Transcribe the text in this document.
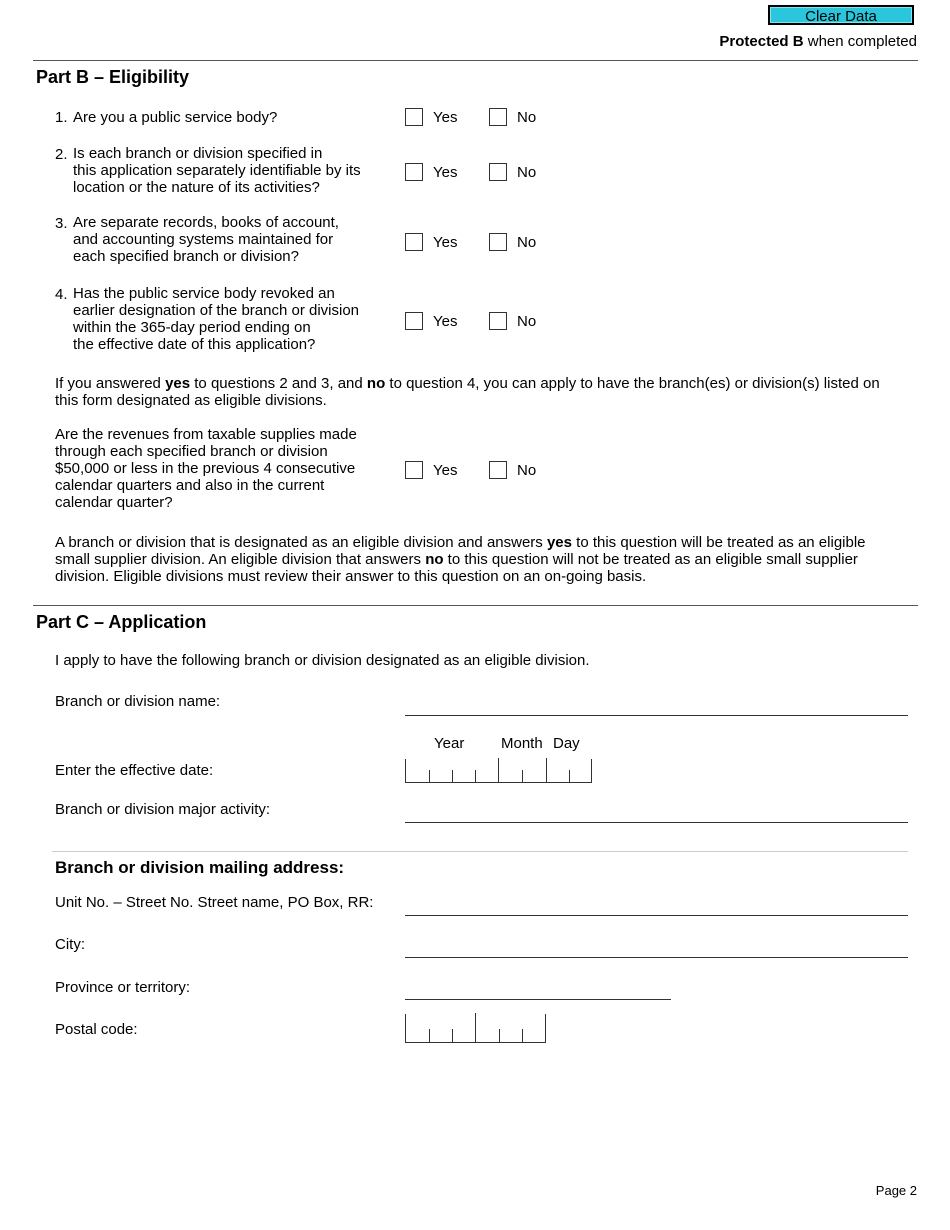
Clear Data
Protected B when completed
Part B – Eligibility
1. Are you a public service body?	Yes	No
2. Is each branch or division specified in
this application separately identifiable by its
location or the nature of its activities?
Yes	No
3. Are separate records, books of account,
and accounting systems maintained for
each specified branch or division?
Yes	No
4. Has the public service body revoked an
earlier designation of the branch or division
within the 365-day period ending on
the effective date of this application?
Yes	No
If you answered yes to questions 2 and 3, and no to question 4, you can apply to have the branch(es) or division(s) listed on
this form designated as eligible divisions.
Are the revenues from taxable supplies made
through each specified branch or division
$50,000 or less in the previous 4 consecutive
calendar quarters and also in the current
calendar quarter?
Yes	No
A branch or division that is designated as an eligible division and answers yes to this question will be treated as an eligible
small supplier division. An eligible division that answers no to this question will not be treated as an eligible small supplier
division. Eligible divisions must review their answer to this question on an on-going basis.
Part C – Application
I apply to have the following branch or division designated as an eligible division.
Branch or division name:
Year Month Day
Enter the effective date:
Branch or division major activity:
Branch or division mailing address:
Unit No. – Street No. Street name, PO Box, RR:
City:
Province or territory:
Postal code:
Page 2
